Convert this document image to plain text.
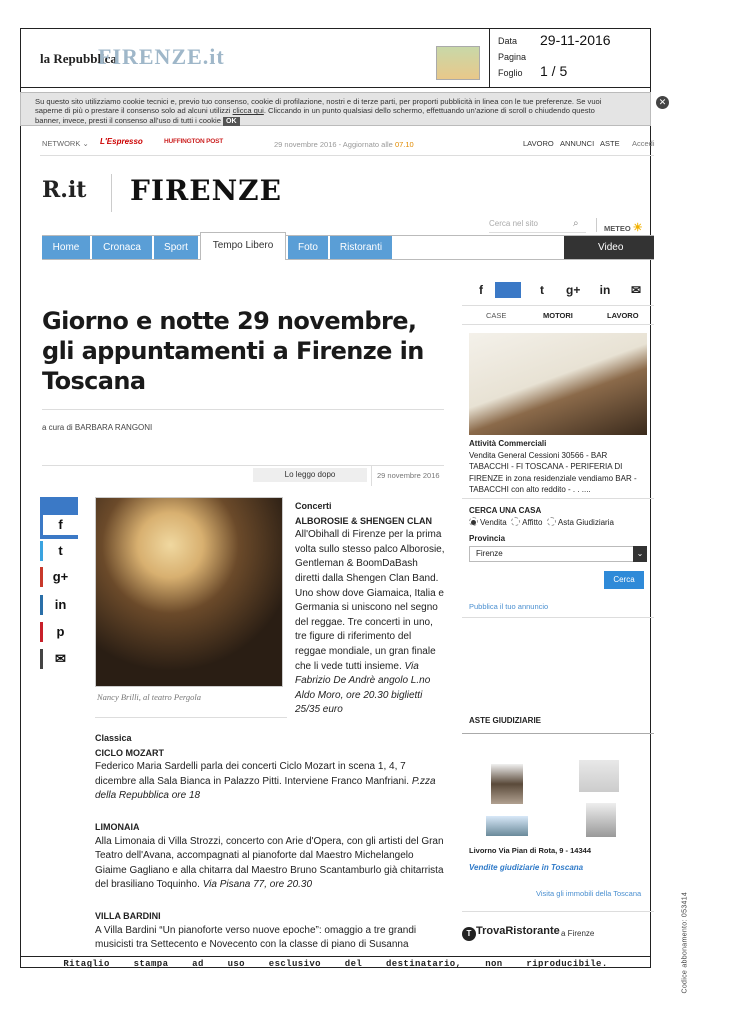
la Repubblica
FIRENZE.it
Data 29-11-2016
Pagina
Foglio 1 / 5
Su questo sito utilizziamo cookie tecnici e, previo tuo consenso, cookie di profilazione, nostri e di terze parti, per proporti pubblicità in linea con le tue preferenze. Se vuoi saperne di più o prestare il consenso solo ad alcuni utilizzi clicca qui. Cliccando in un punto qualsiasi dello schermo, effettuando un'azione di scroll o chiudendo questo banner, invece, presti il consenso all'uso di tutti i cookie OK
✕
NETWORK ⌄ L'Espresso	HUFFINGTON POST	29 novembre 2016 - Aggiornato alle 07.10	LAVORO ANNUNCI ASTE Accedi
R.it FIRENZE
Cerca nel sito	⌕	METEO ☀
Home	Cronaca	Sport	Tempo Libero	Foto	Ristoranti	Video
f	t	g+ in ✉
CASE	MOTORI	LAVORO
Giorno e notte 29 novembre, gli appuntamenti a Firenze in Toscana
a cura di BARBARA RANGONI
Lo leggo dopo	29 novembre 2016
f
t
g+
in
p
✉
Nancy Brilli, al teatro Pergola
Concerti
ALBOROSIE & SHENGEN CLAN
All'Obihall di Firenze per la prima volta sullo stesso palco Alborosie, Gentleman & BoomDaBash diretti dalla Shengen Clan Band. Uno show dove Giamaica, Italia e Germania si uniscono nel segno del reggae. Tre concerti in uno, tre figure di riferimento del reggae mondiale, un gran finale che li vede tutti insieme. Via Fabrizio De Andrè angolo L.no Aldo Moro, ore 20.30 biglietti 25/35 euro
Classica
CICLO MOZART
Federico Maria Sardelli parla dei concerti Ciclo Mozart in scena 1, 4, 7 dicembre alla Sala Bianca in Palazzo Pitti. Interviene Franco Manfriani. P.zza della Repubblica ore 18
LIMONAIA
Alla Limonaia di Villa Strozzi, concerto con Arie d'Opera, con gli artisti del Gran Teatro dell'Avana, accompagnati al pianoforte dal Maestro Michelangelo Giaime Gagliano e alla chitarra dal Maestro Bruno Scantamburlo già chitarrista del brasiliano Toquinho. Via Pisana 77, ore 20.30
VILLA BARDINI
A Villa Bardini “Un pianoforte verso nuove epoche”: omaggio a tre grandi musicisti tra Settecento e Novecento con la classe di piano di Susanna
Attività Commerciali
Vendita General Cessioni 30566 - BAR TABACCHI - FI TOSCANA - PERIFERIA DI FIRENZE in zona residenziale vendiamo BAR - TABACCHI con alto reddito - . . ....
CERCA UNA CASA
Vendita Affitto Asta Giudiziaria
Provincia
Firenze	⌄
Cerca
Pubblica il tuo annuncio
ASTE GIUDIZIARIE
Livorno Via Pian di Rota, 9 - 14344
Vendite giudiziarie in Toscana
Visita gli immobili della Toscana
T TrovaRistorante a Firenze
Ritaglio stampa ad uso esclusivo del destinatario, non riproducibile.	Codice abbonamento: 053414
